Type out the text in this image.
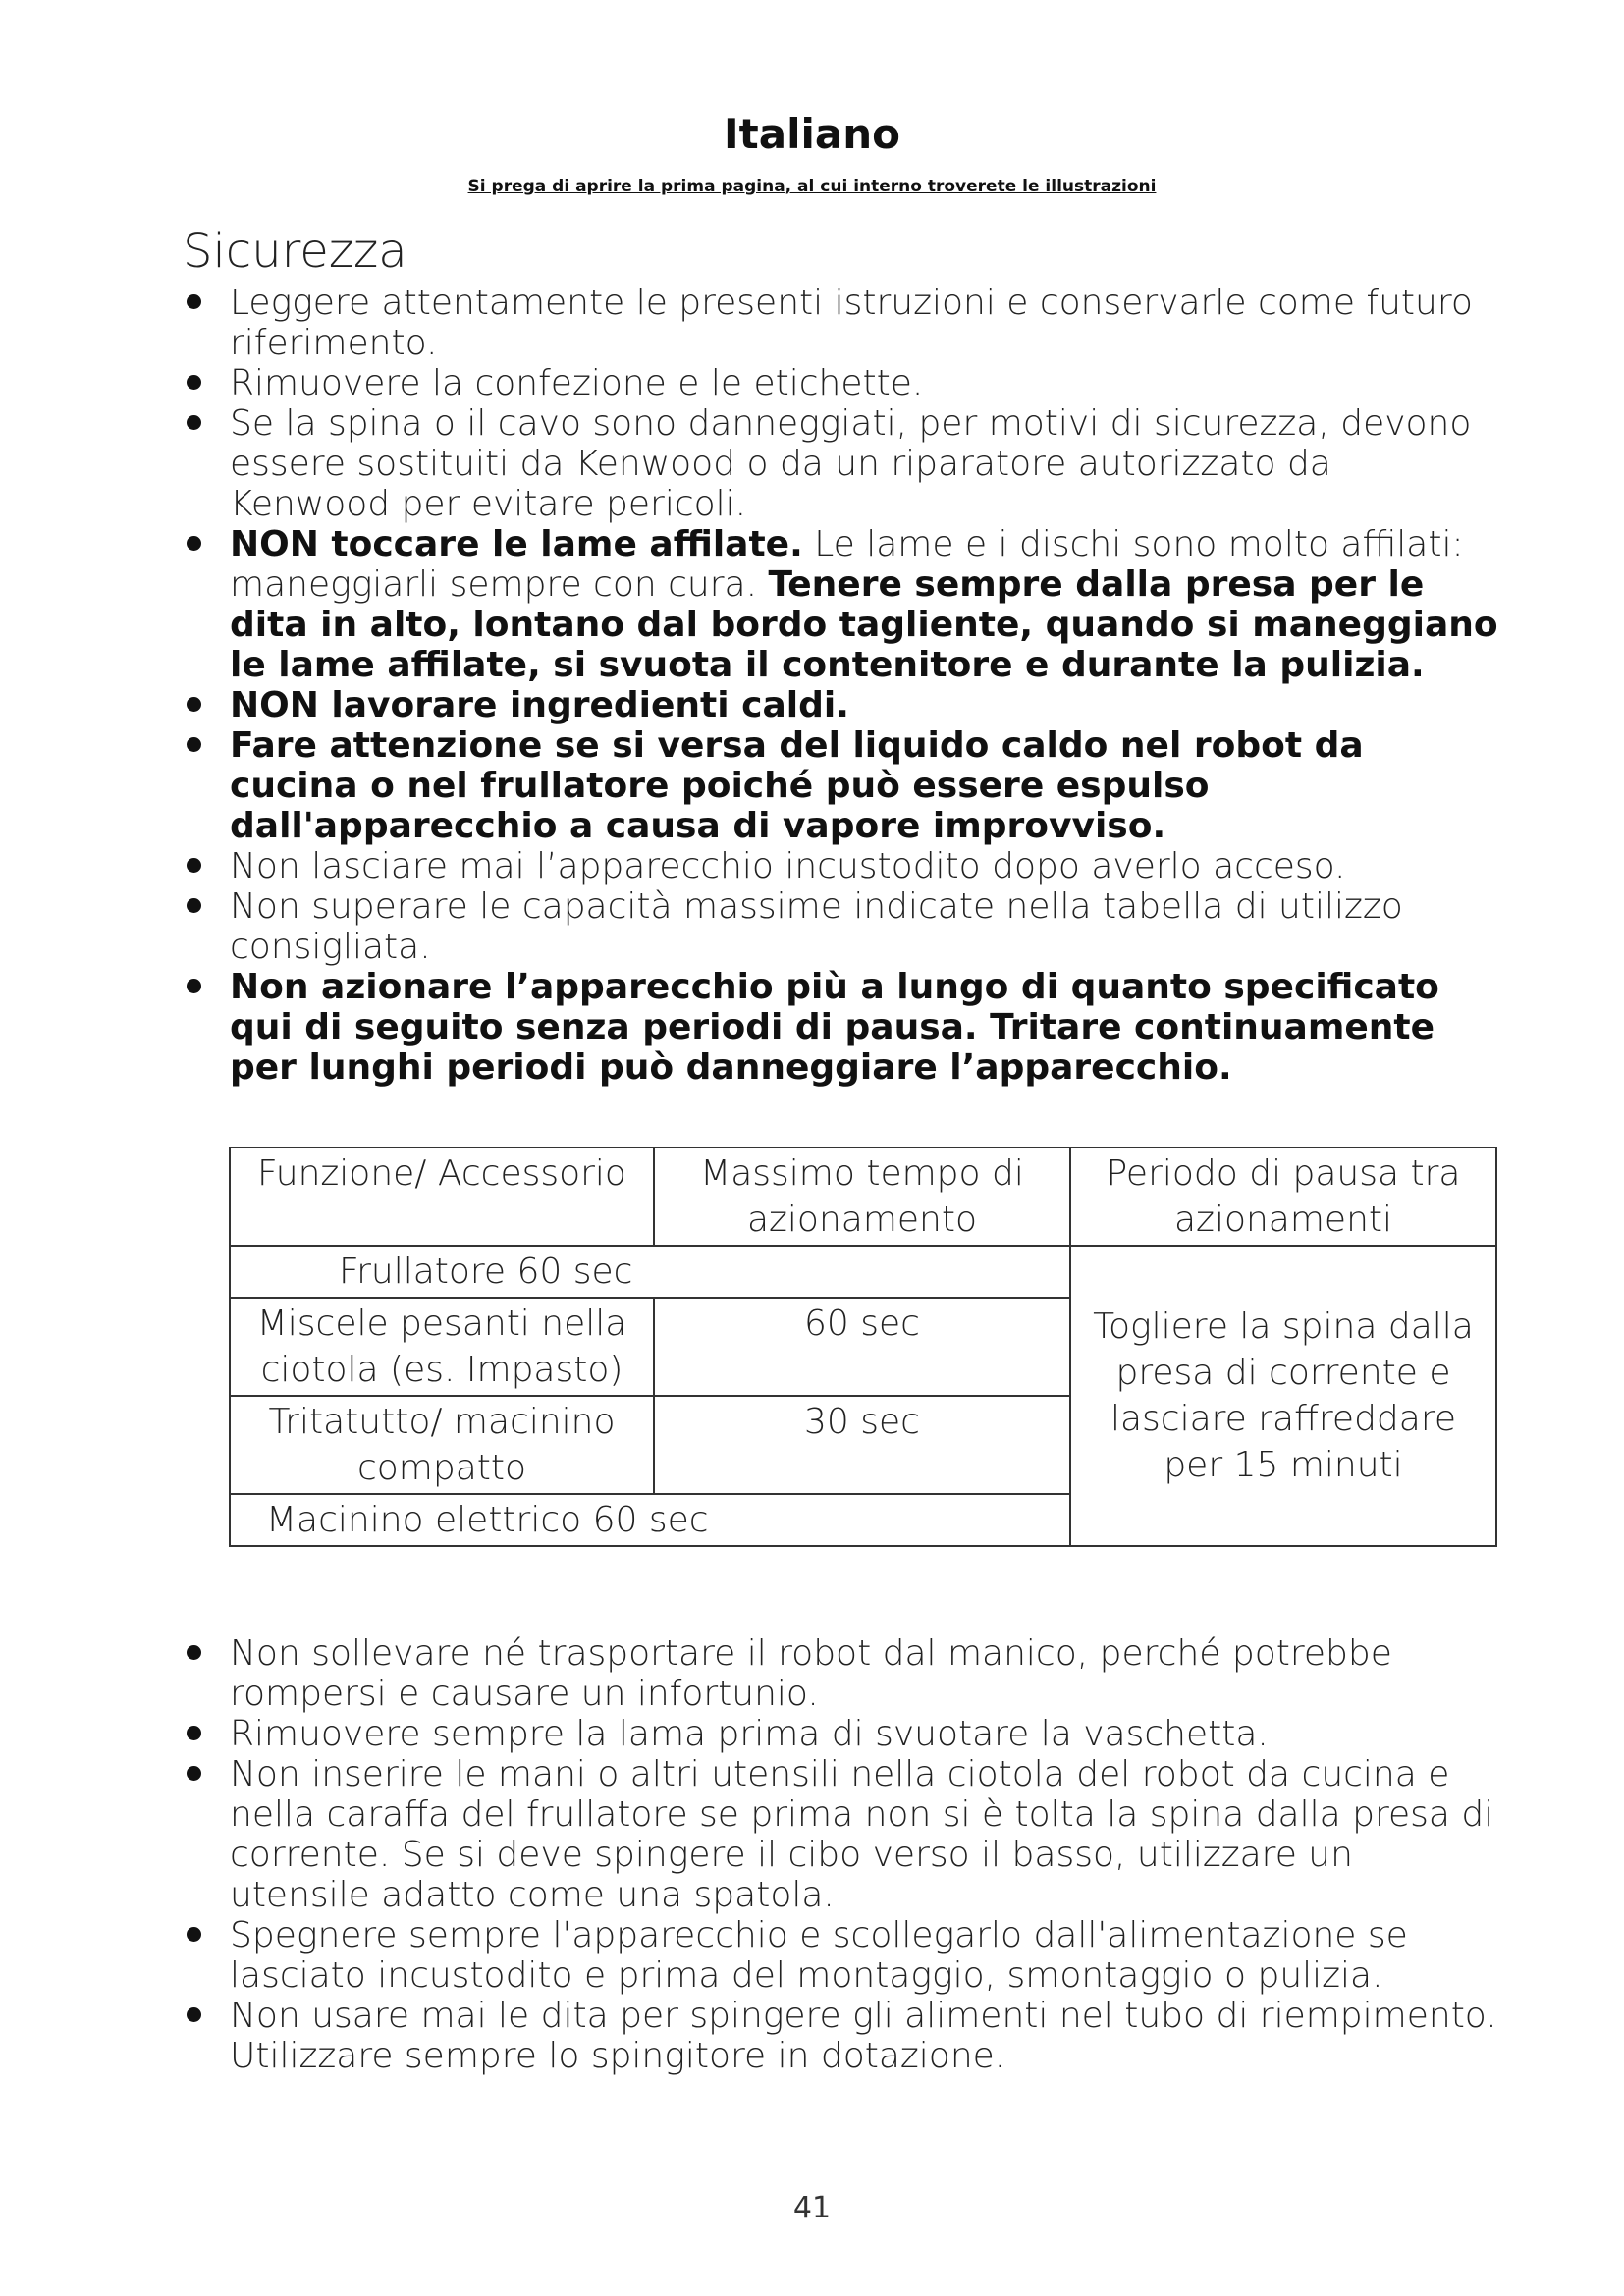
Italiano
Si prega di aprire la prima pagina, al cui interno troverete le illustrazioni
Sicurezza
Leggere attentamente le presenti istruzioni e conservarle come futuro riferimento.
Rimuovere la confezione e le etichette.
Se la spina o il cavo sono danneggiati, per motivi di sicurezza, devono essere sostituiti da Kenwood o da un riparatore autorizzato da Kenwood per evitare pericoli.
NON toccare le lame affilate. Le lame e i dischi sono molto affilati: maneggiarli sempre con cura. Tenere sempre dalla presa per le dita in alto, lontano dal bordo tagliente, quando si maneggiano le lame affilate, si svuota il contenitore e durante la pulizia.
NON lavorare ingredienti caldi.
Fare attenzione se si versa del liquido caldo nel robot da cucina o nel frullatore poiché può essere espulso dall'apparecchio a causa di vapore improvviso.
Non lasciare mai l’apparecchio incustodito dopo averlo acceso.
Non superare le capacità massime indicate nella tabella di utilizzo consigliata.
Non azionare l’apparecchio più a lungo di quanto specificato qui di seguito senza periodi di pausa. Tritare continuamente per lunghi periodi può danneggiare l’apparecchio.
Funzione/ Accessorio	Massimo tempo di azionamento	Periodo di pausa tra azionamenti
Frullatore 60 sec		Togliere la spina dalla presa di corrente e lasciare raffreddare per 15 minuti
Miscele pesanti nella ciotola (es. Impasto)	60 sec	
Tritatutto/ macinino compatto	30 sec	
Macinino elettrico 60 sec		
Non sollevare né trasportare il robot dal manico, perché potrebbe rompersi e causare un infortunio.
Rimuovere sempre la lama prima di svuotare la vaschetta.
Non inserire le mani o altri utensili nella ciotola del robot da cucina e nella caraffa del frullatore se prima non si è tolta la spina dalla presa di corrente. Se si deve spingere il cibo verso il basso, utilizzare un utensile adatto come una spatola.
Spegnere sempre l'apparecchio e scollegarlo dall'alimentazione se lasciato incustodito e prima del montaggio, smontaggio o pulizia.
Non usare mai le dita per spingere gli alimenti nel tubo di riempimento. Utilizzare sempre lo spingitore in dotazione.
41
